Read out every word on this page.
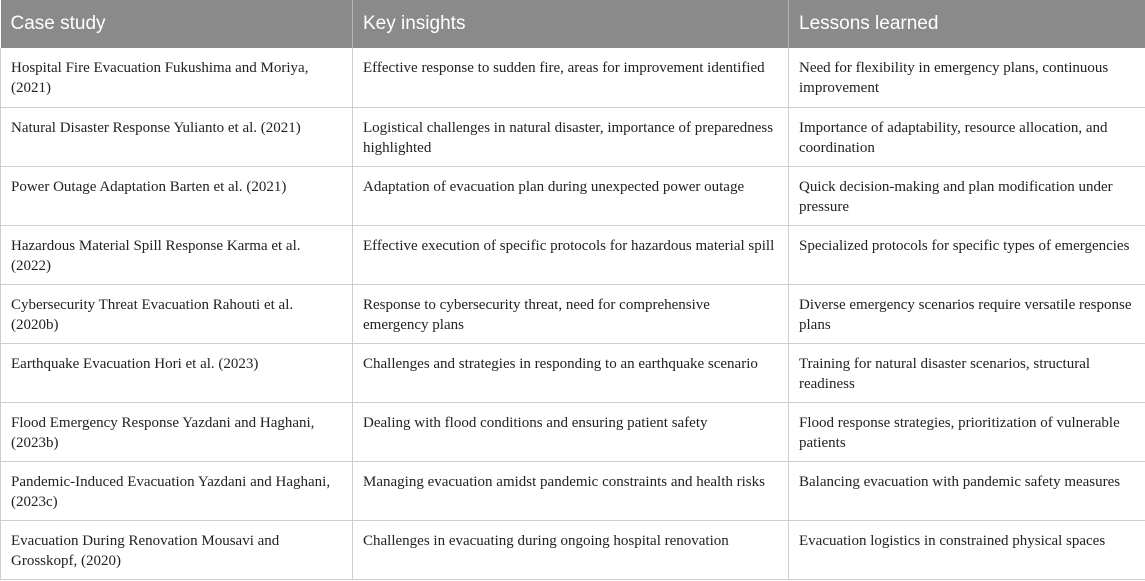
Case study	Key insights	Lessons learned
Hospital Fire Evacuation Fukushima and Moriya, (2021)	Effective response to sudden fire, areas for improvement identified	Need for flexibility in emergency plans, continuous improvement
Natural Disaster Response Yulianto et al. (2021)	Logistical challenges in natural disaster, importance of preparedness highlighted	Importance of adaptability, resource allocation, and coordination
Power Outage Adaptation Barten et al. (2021)	Adaptation of evacuation plan during unexpected power outage	Quick decision-making and plan modification under pressure
Hazardous Material Spill Response Karma et al. (2022)	Effective execution of specific protocols for hazardous material spill	Specialized protocols for specific types of emergencies
Cybersecurity Threat Evacuation Rahouti et al. (2020b)	Response to cybersecurity threat, need for comprehensive emergency plans	Diverse emergency scenarios require versatile response plans
Earthquake Evacuation Hori et al. (2023)	Challenges and strategies in responding to an earthquake scenario	Training for natural disaster scenarios, structural readiness
Flood Emergency Response Yazdani and Haghani, (2023b)	Dealing with flood conditions and ensuring patient safety	Flood response strategies, prioritization of vulnerable patients
Pandemic-Induced Evacuation Yazdani and Haghani, (2023c)	Managing evacuation amidst pandemic constraints and health risks	Balancing evacuation with pandemic safety measures
Evacuation During Renovation Mousavi and Grosskopf, (2020)	Challenges in evacuating during ongoing hospital renovation	Evacuation logistics in constrained physical spaces
